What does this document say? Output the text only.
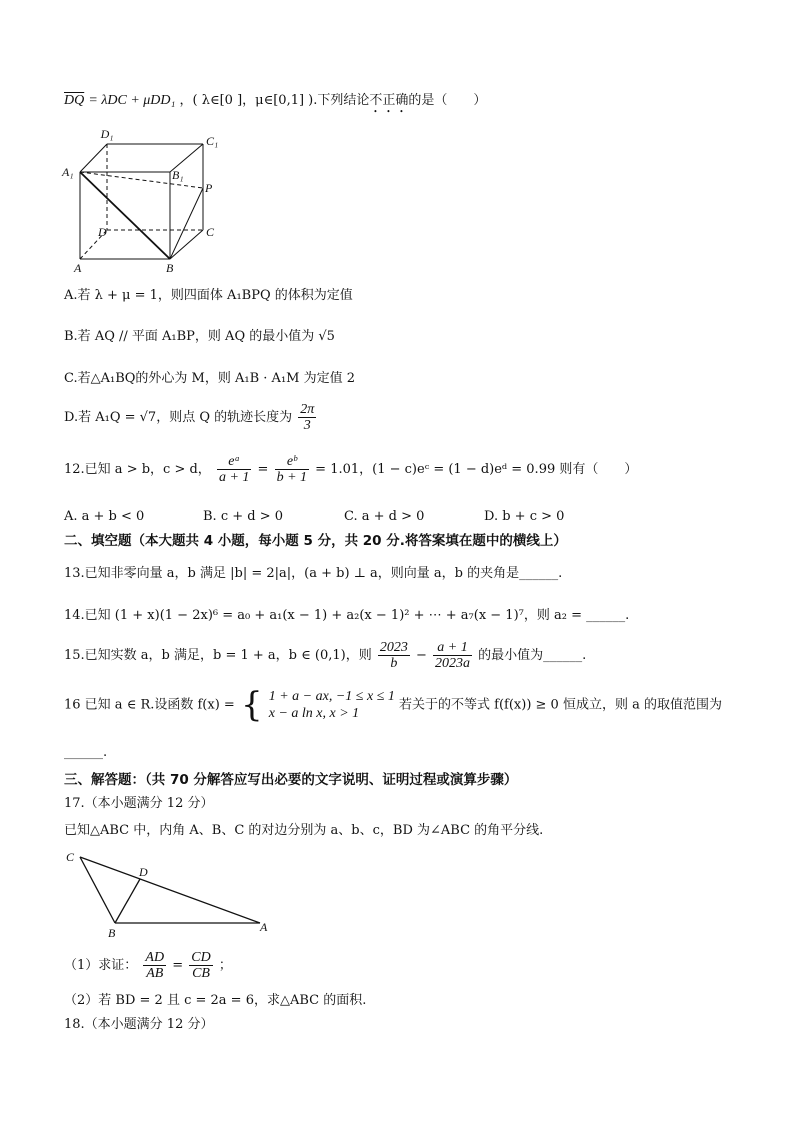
$\overline{DQ} = \lambda DC + \mu DD_1$ ，( λ∈[0 ]，μ∈[0,1] ).下列结论不正确的是（　　）
D₁	C₁
A₁	B₁
P
D	C
A	B
A.若 λ + μ = 1，则四面体 A₁BPQ 的体积为定值
B.若 AQ // 平面 A₁BP，则 AQ 的最小值为 √5
C.若△A₁BQ的外心为 M，则 A₁B · A₁M 为定值 2
D.若 A₁Q = √7，则点 Q 的轨迹长度为 $\frac{2\pi}{3}$
12.已知 a > b，c > d， $\frac{\text{eᵃ}}{a + 1} = \frac{\text{eᵇ}}{b + 1} = 1.01$，(1 − c)eᶜ = (1 − d)eᵈ = 0.99 则有（　　）
A. a + b < 0	B. c + d > 0	C. a + d > 0	D. b + c > 0
二、填空题（本大题共 4 小题，每小题 5 分，共 20 分.将答案填在题中的横线上）
13.已知非零向量 a，b 满足 |b| = 2|a|，(a + b) ⊥ a，则向量 a，b 的夹角是______.
14.已知 (1 + x)(1 − 2x)⁶ = a₀ + a₁(x − 1) + a₂(x − 1)² + ⋯ + a₇(x − 1)⁷，则 a₂ = ______.
15.已知实数 a，b 满足，b = 1 + a，b ∈ (0,1)，则 $\frac{2023}{b} - \frac{a + 1}{2023a}$ 的最小值为______.
16 已知 a ∈ R.设函数 f(x) = { 1 + a − ax, −1 ≤ x ≤ 1
x − a ln x, x > 1
若关于的不等式 f(f(x)) ≥ 0 恒成立，则 a 的取值范围为
______.
三、解答题：（共 70 分解答应写出必要的文字说明、证明过程或演算步骤）
17.（本小题满分 12 分）
已知△ABC 中，内角 A、B、C 的对边分别为 a、b、c，BD 为∠ABC 的角平分线.
C
D
B	A
（1）求证： $\frac{AD}{AB} = \frac{CD}{CB}$ ；
（2）若 BD = 2 且 c = 2a = 6，求△ABC 的面积.
18.（本小题满分 12 分）
